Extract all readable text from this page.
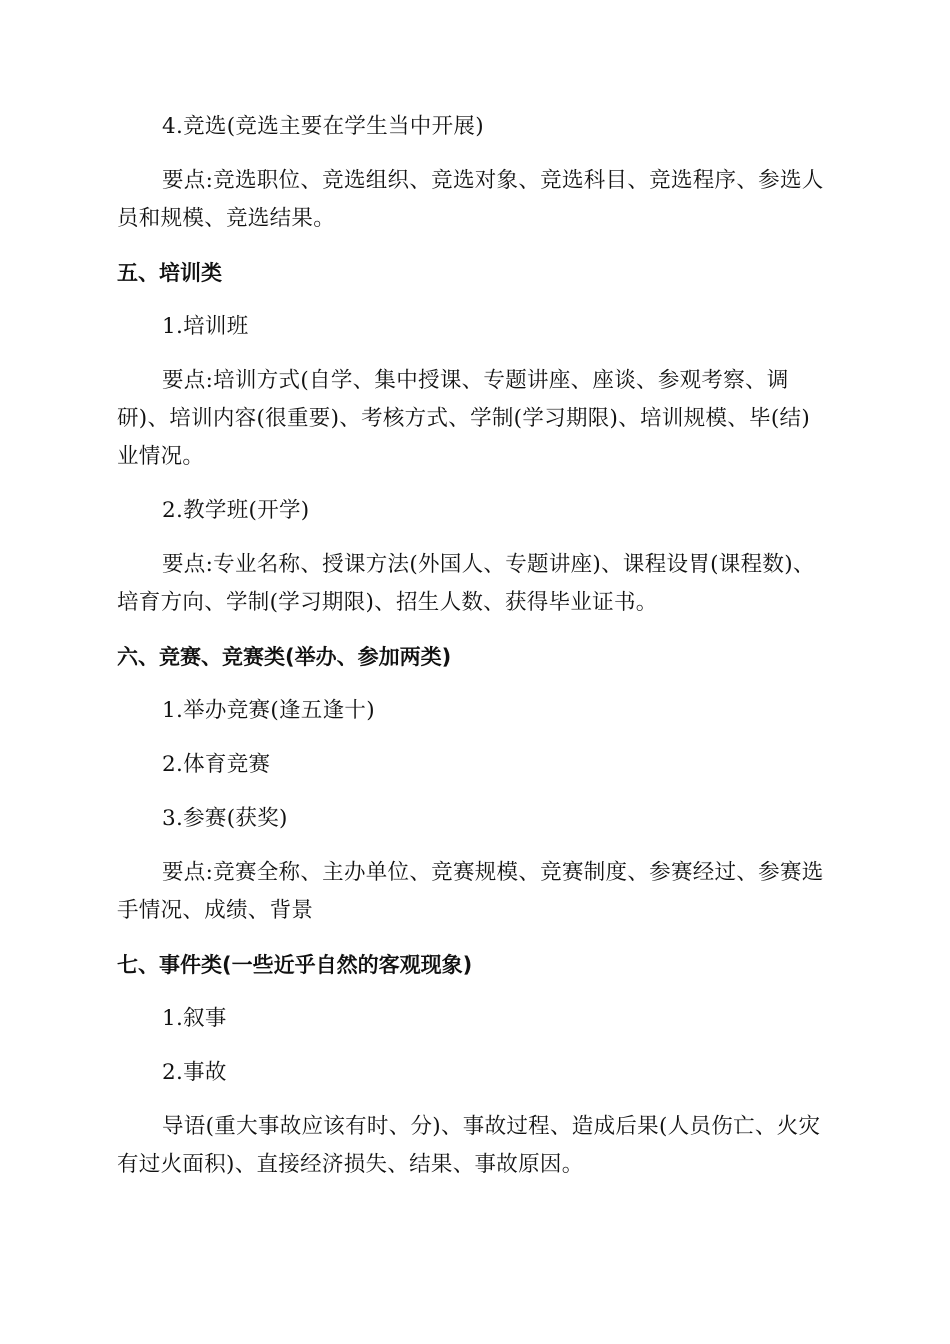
4.竞选(竞选主要在学生当中开展)

要点:竞选职位、竞选组织、竞选对象、竞选科目、竞选程序、参选人员和规模、竞选结果。

五、培训类

1.培训班

要点:培训方式(自学、集中授课、专题讲座、座谈、参观考察、调研)、培训内容(很重要)、考核方式、学制(学习期限)、培训规模、毕(结)业情况。

2.教学班(开学)

要点:专业名称、授课方法(外国人、专题讲座)、课程设胃(课程数)、培育方向、学制(学习期限)、招生人数、获得毕业证书。

六、竞赛、竞赛类(举办、参加两类)

1.举办竞赛(逢五逢十)

2.体育竞赛

3.参赛(获奖)

要点:竞赛全称、主办单位、竞赛规模、竞赛制度、参赛经过、参赛选手情况、成绩、背景

七、事件类(一些近乎自然的客观现象)

1.叙事

2.事故

导语(重大事故应该有时、分)、事故过程、造成后果(人员伤亡、火灾有过火面积)、直接经济损失、结果、事故原因。
